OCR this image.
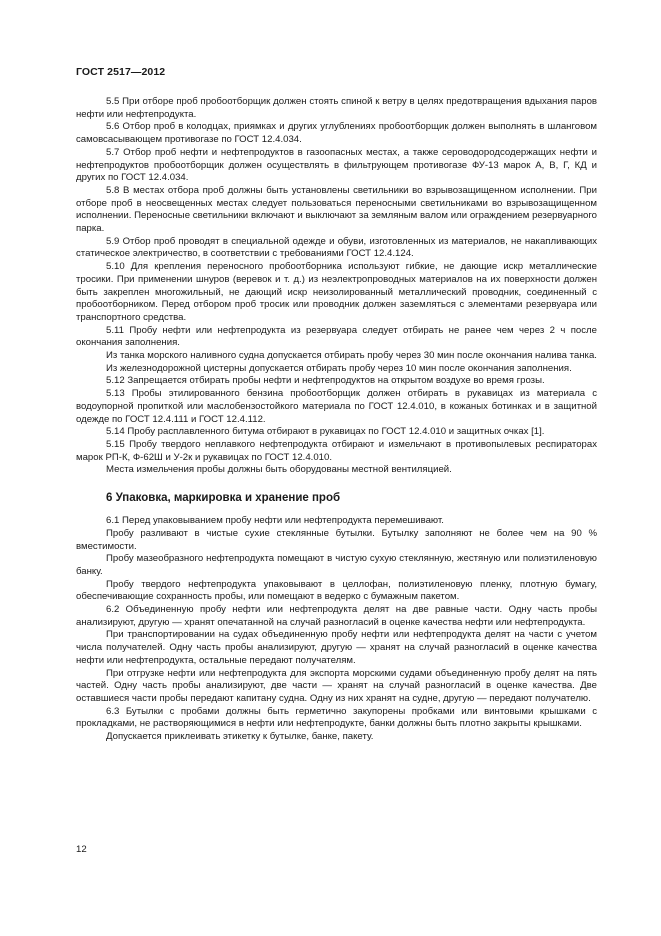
ГОСТ 2517—2012

5.5 При отборе проб пробоотборщик должен стоять спиной к ветру в целях предотвращения вдыхания паров нефти или нефтепродукта.

5.6 Отбор проб в колодцах, приямках и других углублениях пробоотборщик должен выполнять в шланговом самовсасывающем противогазе по ГОСТ 12.4.034.

5.7 Отбор проб нефти и нефтепродуктов в газоопасных местах, а также сероводородсодержащих нефти и нефтепродуктов пробоотборщик должен осуществлять в фильтрующем противогазе ФУ-13 марок А, В, Г, КД и других по ГОСТ 12.4.034.

5.8 В местах отбора проб должны быть установлены светильники во взрывозащищенном исполнении. При отборе проб в неосвещенных местах следует пользоваться переносными светильниками во взрывозащищенном исполнении. Переносные светильники включают и выключают за земляным валом или ограждением резервуарного парка.

5.9 Отбор проб проводят в специальной одежде и обуви, изготовленных из материалов, не накапливающих статическое электричество, в соответствии с требованиями ГОСТ 12.4.124.

5.10 Для крепления переносного пробоотборника используют гибкие, не дающие искр металлические тросики. При применении шнуров (веревок и т. д.) из неэлектропроводных материалов на их поверхности должен быть закреплен многожильный, не дающий искр неизолированный металлический проводник, соединенный с пробоотборником. Перед отбором проб тросик или проводник должен заземляться с элементами резервуара или транспортного средства.

5.11 Пробу нефти или нефтепродукта из резервуара следует отбирать не ранее чем через 2 ч после окончания заполнения.

Из танка морского наливного судна допускается отбирать пробу через 30 мин после окончания налива танка.

Из железнодорожной цистерны допускается отбирать пробу через 10 мин после окончания заполнения.

5.12 Запрещается отбирать пробы нефти и нефтепродуктов на открытом воздухе во время грозы.

5.13 Пробы этилированного бензина пробоотборщик должен отбирать в рукавицах из материала с водоупорной пропиткой или маслобензостойкого материала по ГОСТ 12.4.010, в кожаных ботинках и в защитной одежде по ГОСТ 12.4.111 и ГОСТ 12.4.112.

5.14 Пробу расплавленного битума отбирают в рукавицах по ГОСТ 12.4.010 и защитных очках [1].

5.15 Пробу твердого неплавкого нефтепродукта отбирают и измельчают в противопылевых респираторах марок РП-К, Ф-62Ш и У-2к и рукавицах по ГОСТ 12.4.010.

Места измельчения пробы должны быть оборудованы местной вентиляцией.

6 Упаковка, маркировка и хранение проб

6.1 Перед упаковыванием пробу нефти или нефтепродукта перемешивают.

Пробу разливают в чистые сухие стеклянные бутылки. Бутылку заполняют не более чем на 90 % вместимости.

Пробу мазеобразного нефтепродукта помещают в чистую сухую стеклянную, жестяную или полиэтиленовую банку.

Пробу твердого нефтепродукта упаковывают в целлофан, полиэтиленовую пленку, плотную бумагу, обеспечивающие сохранность пробы, или помещают в ведерко с бумажным пакетом.

6.2 Объединенную пробу нефти или нефтепродукта делят на две равные части. Одну часть пробы анализируют, другую — хранят опечатанной на случай разногласий в оценке качества нефти или нефтепродукта.

При транспортировании на судах объединенную пробу нефти или нефтепродукта делят на части с учетом числа получателей. Одну часть пробы анализируют, другую — хранят на случай разногласий в оценке качества нефти или нефтепродукта, остальные передают получателям.

При отгрузке нефти или нефтепродукта для экспорта морскими судами объединенную пробу делят на пять частей. Одну часть пробы анализируют, две части — хранят на случай разногласий в оценке качества. Две оставшиеся части пробы передают капитану судна. Одну из них хранят на судне, другую — передают получателю.

6.3 Бутылки с пробами должны быть герметично закупорены пробками или винтовыми крышками с прокладками, не растворяющимися в нефти или нефтепродукте, банки должны быть плотно закрыты крышками.

Допускается приклеивать этикетку к бутылке, банке, пакету.

12
